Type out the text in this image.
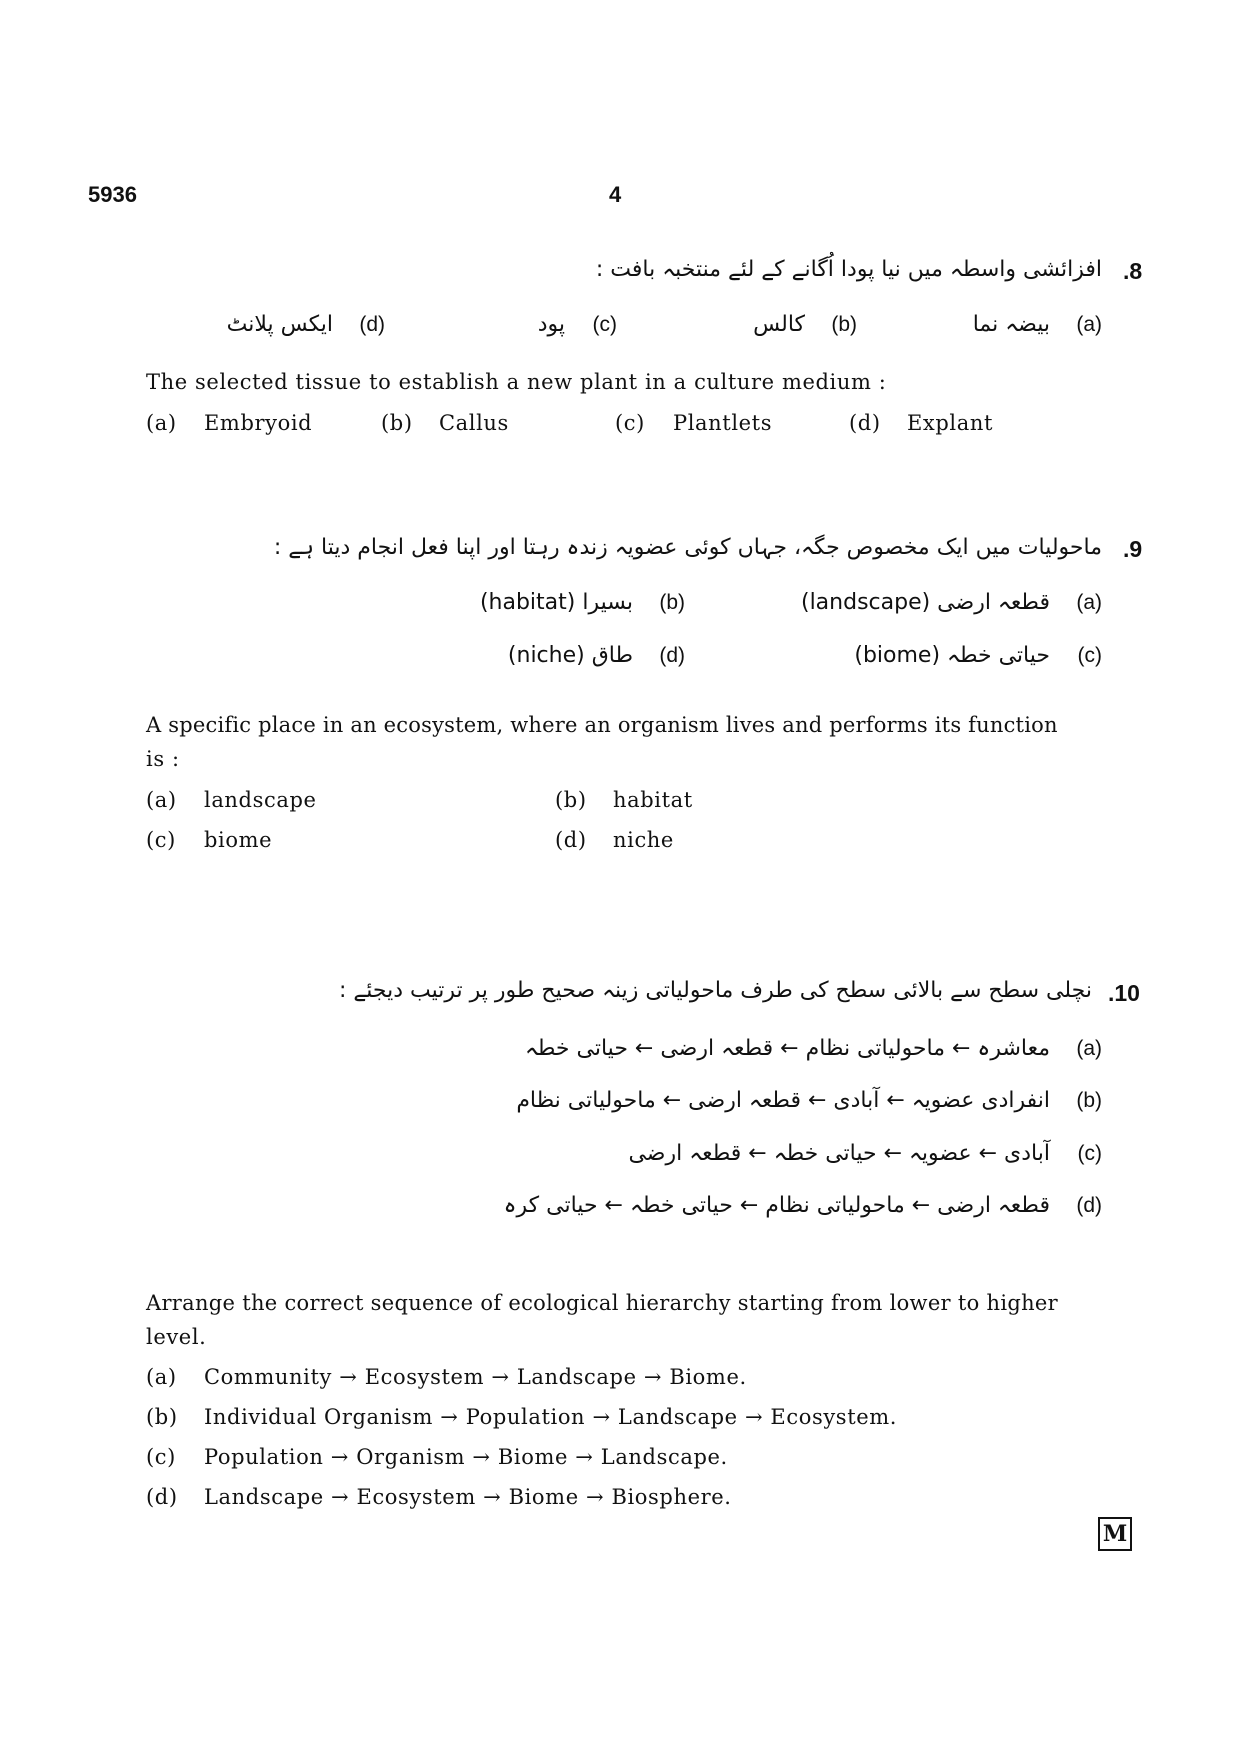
5936	4
.8
افزائشی واسطہ میں نیا پودا اُگانے کے لئے منتخبہ بافت :
بیضہ نما	(a)
کالس	(b)
پود	(c)
ایکس پلانٹ	(d)
The selected tissue to establish a new plant in a culture medium :
(a)	Embryoid	(b)	Callus	(c)	Plantlets	(d)	Explant
.9
ماحولیات میں ایک مخصوص جگہ، جہاں کوئی عضویہ زندہ رہتا اور اپنا فعل انجام دیتا ہے :
قطعہ ارضی (landscape)	(a)
بسیرا (habitat)	(b)
حیاتی خطہ (biome)	(c)
طاق (niche)	(d)
A specific place in an ecosystem, where an organism lives and performs its function
is :
(a)	landscape	(b)	habitat
(c)	biome	(d)	niche
.10
نچلی سطح سے بالائی سطح کی طرف ماحولیاتی زینہ صحیح طور پر ترتیب دیجئے :
معاشرہ ← ماحولیاتی نظام ← قطعہ ارضی ← حیاتی خطہ	(a)
انفرادی عضویہ ← آبادی ← قطعہ ارضی ← ماحولیاتی نظام	(b)
آبادی ← عضویہ ← حیاتی خطہ ← قطعہ ارضی	(c)
قطعہ ارضی ← ماحولیاتی نظام ← حیاتی خطہ ← حیاتی کرہ	(d)
Arrange the correct sequence of ecological hierarchy starting from lower to higher
level.
(a)	Community → Ecosystem → Landscape → Biome.
(b)	Individual Organism → Population → Landscape → Ecosystem.
(c)	Population → Organism → Biome → Landscape.
(d)	Landscape → Ecosystem → Biome → Biosphere.
M
